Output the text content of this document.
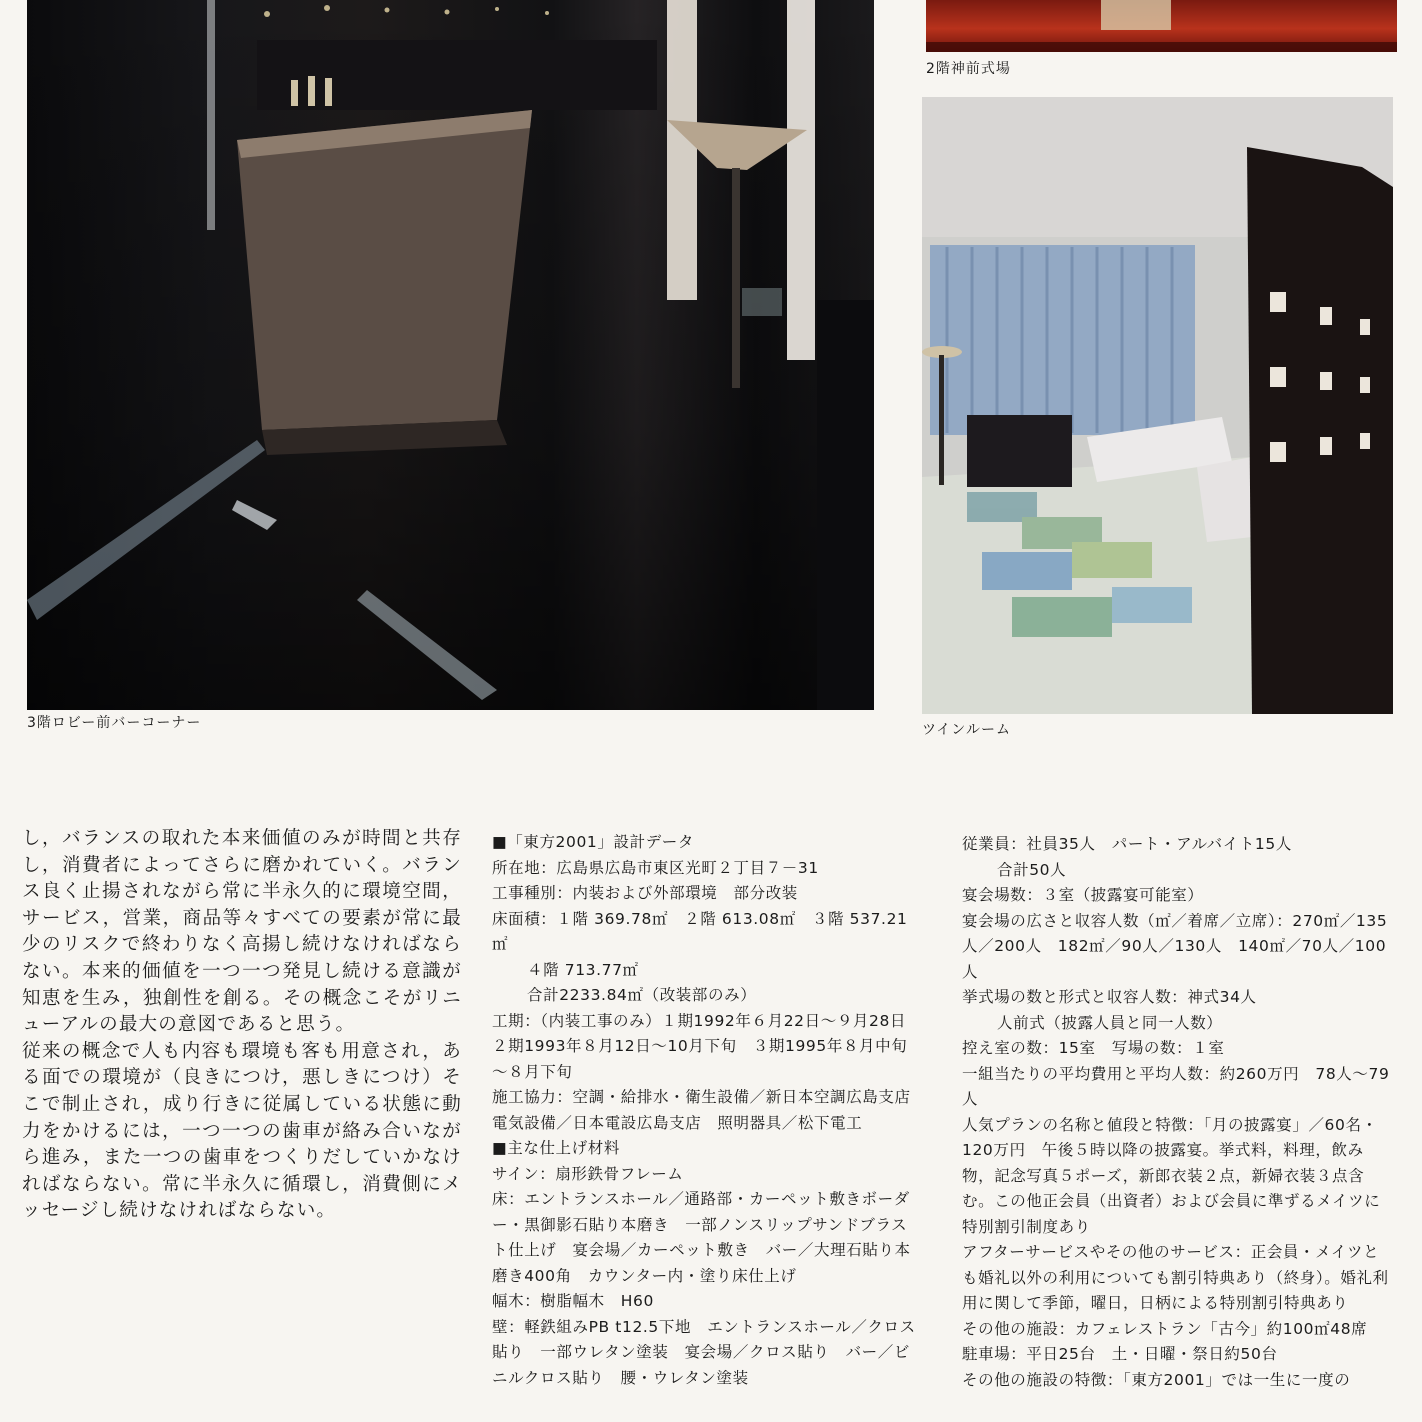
3階ロビー前バーコーナー
2階神前式場
ツインルーム

し，バランスの取れた本来価値のみが時間と共存し，消費者によってさらに磨かれていく。バランス良く止揚されながら常に半永久的に環境空間，サービス，営業，商品等々すべての要素が常に最少のリスクで終わりなく高揚し続けなければならない。本来的価値を一つ一つ発見し続ける意識が知恵を生み，独創性を創る。その概念こそがリニューアルの最大の意図であると思う。

従来の概念で人も内容も環境も客も用意され，ある面での環境が（良きにつけ，悪しきにつけ）そこで制止され，成り行きに従属している状態に動力をかけるには，一つ一つの歯車が絡み合いながら進み，また一つの歯車をつくりだしていかなければならない。常に半永久に循環し，消費側にメッセージし続けなければならない。

■「東方2001」設計データ

所在地：広島県広島市東区光町２丁目７－31

工事種別：内装および外部環境　部分改装

床面積：１階 369.78㎡　２階 613.08㎡　３階 537.21㎡

４階 713.77㎡

合計2233.84㎡（改装部のみ）

工期：（内装工事のみ）１期1992年６月22日～９月28日　２期1993年８月12日～10月下旬　３期1995年８月中旬～８月下旬

施工協力：空調・給排水・衛生設備／新日本空調広島支店　電気設備／日本電設広島支店　照明器具／松下電工

■主な仕上げ材料

サイン：扇形鉄骨フレーム

床：エントランスホール／通路部・カーペット敷きボーダー・黒御影石貼り本磨き　一部ノンスリップサンドブラスト仕上げ　宴会場／カーペット敷き　バー／大理石貼り本磨き400角　カウンター内・塗り床仕上げ

幅木：樹脂幅木　H60

壁：軽鉄組みPB t12.5下地　エントランスホール／クロス貼り　一部ウレタン塗装　宴会場／クロス貼り　バー／ビニルクロス貼り　腰・ウレタン塗装

従業員：社員35人　パート・アルバイト15人

合計50人

宴会場数：３室（披露宴可能室）

宴会場の広さと収容人数（㎡／着席／立席）：270㎡／135人／200人　182㎡／90人／130人　140㎡／70人／100人

挙式場の数と形式と収容人数：神式34人

人前式（披露人員と同一人数）

控え室の数：15室　写場の数：１室

一組当たりの平均費用と平均人数：約260万円　78人～79人

人気プランの名称と値段と特徴：「月の披露宴」／60名・120万円　午後５時以降の披露宴。挙式料，料理，飲み物，記念写真５ポーズ，新郎衣装２点，新婦衣装３点含む。この他正会員（出資者）および会員に準ずるメイツに特別割引制度あり

アフターサービスやその他のサービス：正会員・メイツとも婚礼以外の利用についても割引特典あり（終身）。婚礼利用に関して季節，曜日，日柄による特別割引特典あり

その他の施設：カフェレストラン「古今」約100㎡48席

駐車場：平日25台　土・日曜・祭日約50台

その他の施設の特徴：「東方2001」では一生に一度の
